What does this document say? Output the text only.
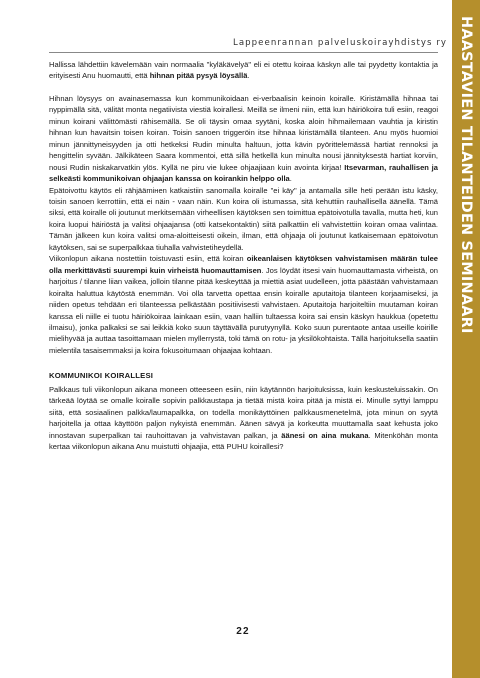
HAASTAVIEN TILANTEIDEN SEMINAARI
Lappeenrannan palveluskoirayhdistys ry

Hallissa lähdettiin kävelemään vain normaalia "kyläkävelyä" eli ei otettu koiraa käskyn alle tai pyydetty kontaktia ja erityisesti Anu huomautti, että hihnan pitää pysyä löysällä.

Hihnan löysyys on avainasemassa kun kommunikoidaan ei-verbaalisin keinoin koiralle. Kiristämällä hihnaa tai nyppimällä sitä, välität monta negatiivista viestiä koirallesi. Meillä se ilmeni niin, että kun häiriökoira tuli esiin, reagoi minun koirani välittömästi rähisemällä. Se oli täysin omaa syytäni, koska aloin hihmailemaan vauhtia ja kiristin hihnan kun havaitsin toisen koiran. Toisin sanoen triggeröin itse hihnaa kiristämällä tilanteen. Anu myös huomioi minun jännittyneisyyden ja otti hetkeksi Rudin minulta haltuun, jotta kävin pyörittelemässä hartiat rennoksi ja hengittelin syvään. Jälkikäteen Saara kommentoi, että sillä hetkellä kun minulta nousi jännityksestä hartiat korviin, nousi Rudin niskakarvatkin ylös. Kyllä ne piru vie lukee ohjaajiaan kuin avointa kirjaa! Itsevarman, rauhallisen ja selkeästi kommunikoivan ohjaajan kanssa on koirankin helppo olla.

Epätoivottu käytös eli rähjäämінen katkaistiin sanomalla koiralle "ei käy" ja antamalla sille heti perään istu käsky, toisin sanoen kerrottiin, että ei näin - vaan näin. Kun koira oli istumassa, sitä kehuttiin rauhallisella äänellä. Tämä siksi, että koiralle oli joutunut merkitsemään virheellisen käytöksen sen toimittua epätoivotulla tavalla, mutta heti, kun koira luopui häiriöstä ja valitsi ohjaajansa (otti katsekontaktin) siitä palkattiin eli vahvistettiin koiran omaa valintaa. Tämän jälkeen kun koira valitsi oma-aloitteisesti oikein, ilman, että ohjaaja oli joutunut katkaisemaan epätoivotun käytöksen, sai se superpalkkaa tiuhalla vahvistetiheydellä.

Viikonlopun aikana nostettiin toistuvasti esiin, että koiran oikeanlaisen käytöksen vahvistamisen määrän tulee olla merkittävästi suurempi kuin virheistä huomauttamisen. Jos löydät itsesi vain huomauttamasta virheistä, on harjoitus / tilanne liian vaikea, jolloin tilanne pitää keskeyttää ja miettiä asiat uudelleen, jotta päästään vahvistamaan koiralta haluttua käytöstä enemmän. Voi olla tarvetta opettaa ensin koiralle aputaitoja tilanteen korjaamiseksi, ja niiden opetus tehdään eri tilanteessa pelkästään positiivisesti vahvistaen. Aputaitoja harjoiteltiin muutaman koiran kanssa eli niille ei tuotu häiriökoiraa lainkaan esiin, vaan halliin tultaessa koira sai ensin käskyn haukkua (opetettu ilmaisu), jonka palkaksi se sai leikkiä koko suun täyttävällä purutyynyllä. Koko suun purentaote antaa useille koirille mielihyvää ja auttaa tasoittamaan mielen myllerrystä, toki tämä on rotu- ja yksilökohtaista. Tällä harjoituksella saatiin mielentila tasaisemmaksi ja koira fokusoitumaan ohjaajaa kohtaan.

KOMMUNIKOI KOIRALLESI

Palkkaus tuli viikonlopun aikana moneen otteeseen esiin, niin käytännön harjoituksissa, kuin keskusteluissakin. On tärkeää löytää se omalle koiralle sopivin palkkaustapa ja tietää mistä koira pitää ja mistä ei. Minulle syttyi lamppu siitä, että sosiaalinen palkka/laumapalkka, on todella monikäyttöinen palkkausmenetelmä, jota minun on syytä harjoitella ja ottaa käyttöön paljon nykyistä enemmän. Äänen sävyä ja korkeutta muuttamalla saat kehusta joko innostavan superpalkan tai rauhoittavan ja vahvistavan palkan, ja äänesi on aina mukana. Mitenköhän monta kertaa viikonlopun aikana Anu muistutti ohjaajia, että PUHU koirallesi?

22
